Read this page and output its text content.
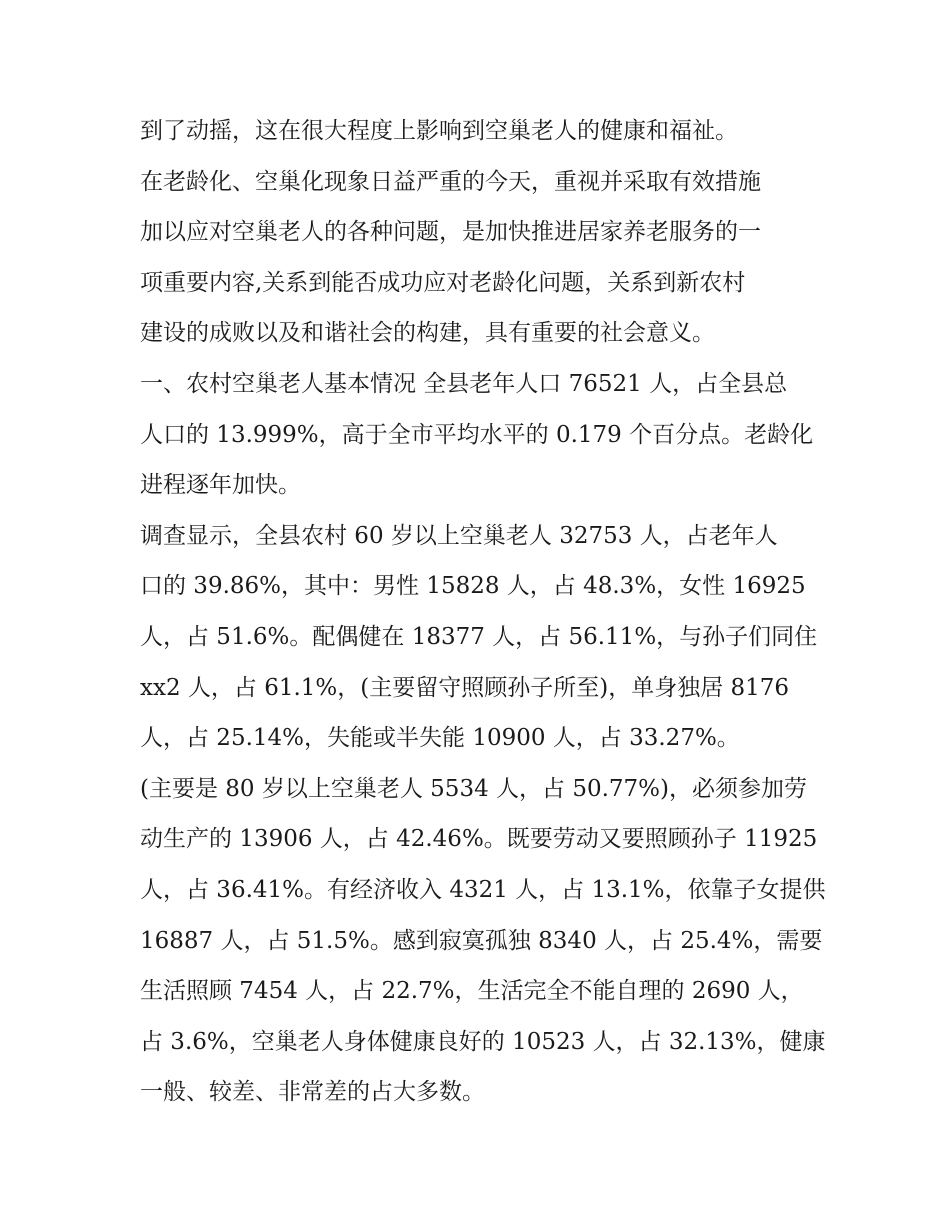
到了动摇，这在很大程度上影响到空巢老人的健康和福祉。
在老龄化、空巢化现象日益严重的今天，重视并采取有效措施
加以应对空巢老人的各种问题，是加快推进居家养老服务的一
项重要内容,关系到能否成功应对老龄化问题，关系到新农村
建设的成败以及和谐社会的构建，具有重要的社会意义。
一、农村空巢老人基本情况 全县老年人口 76521 人，占全县总
人口的 13.999%，高于全市平均水平的 0.179 个百分点。老龄化
进程逐年加快。
调查显示，全县农村 60 岁以上空巢老人 32753 人，占老年人
口的 39.86%，其中：男性 15828 人，占 48.3%，女性 16925
人，占 51.6%。配偶健在 18377 人，占 56.11%，与孙子们同住
xx2 人，占 61.1%，(主要留守照顾孙子所至)，单身独居 8176
人，占 25.14%，失能或半失能 10900 人，占 33.27%。
(主要是 80 岁以上空巢老人 5534 人，占 50.77%)，必须参加劳
动生产的 13906 人，占 42.46%。既要劳动又要照顾孙子 11925
人，占 36.41%。有经济收入 4321 人，占 13.1%，依靠子女提供
16887 人，占 51.5%。感到寂寞孤独 8340 人，占 25.4%，需要
生活照顾 7454 人，占 22.7%，生活完全不能自理的 2690 人，
占 3.6%，空巢老人身体健康良好的 10523 人，占 32.13%，健康
一般、较差、非常差的占大多数。
